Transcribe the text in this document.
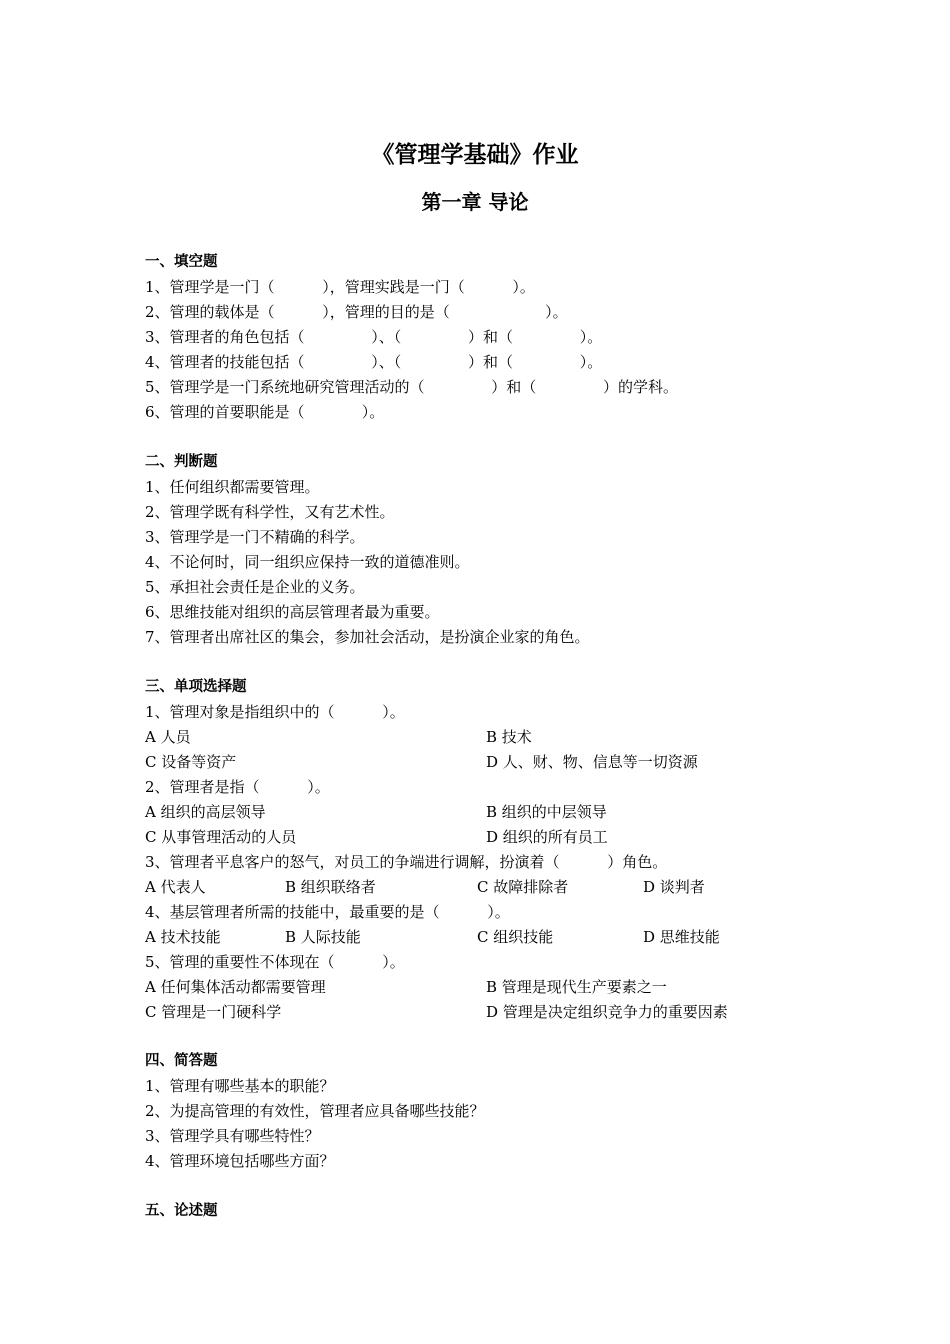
《管理学基础》作业
第一章 导论
一、填空题
1、管理学是一门（          ），管理实践是一门（          ）。
2、管理的载体是（          ），管理的目的是（                    ）。
3、管理者的角色包括（              ）、（              ）和（              ）。
4、管理者的技能包括（              ）、（              ）和（              ）。
5、管理学是一门系统地研究管理活动的（              ）和（              ）的学科。
6、管理的首要职能是（            ）。
二、判断题
1、任何组织都需要管理。
2、管理学既有科学性，又有艺术性。
3、管理学是一门不精确的科学。
4、不论何时，同一组织应保持一致的道德准则。
5、承担社会责任是企业的义务。
6、思维技能对组织的高层管理者最为重要。
7、管理者出席社区的集会，参加社会活动，是扮演企业家的角色。
三、单项选择题
1、管理对象是指组织中的（          ）。
A 人员	B 技术
C 设备等资产	D 人、财、物、信息等一切资源
2、管理者是指（          ）。
A 组织的高层领导	B 组织的中层领导
C 从事管理活动的人员	D 组织的所有员工
3、管理者平息客户的怒气，对员工的争端进行调解，扮演着（          ）角色。
A 代表人	B 组织联络者	C 故障排除者	D 谈判者
4、基层管理者所需的技能中，最重要的是（          ）。
A 技术技能	B 人际技能	C 组织技能	D 思维技能
5、管理的重要性不体现在（          ）。
A 任何集体活动都需要管理	B 管理是现代生产要素之一
C 管理是一门硬科学	D 管理是决定组织竞争力的重要因素
四、简答题
1、管理有哪些基本的职能？
2、为提高管理的有效性，管理者应具备哪些技能？
3、管理学具有哪些特性？
4、管理环境包括哪些方面？
五、论述题
